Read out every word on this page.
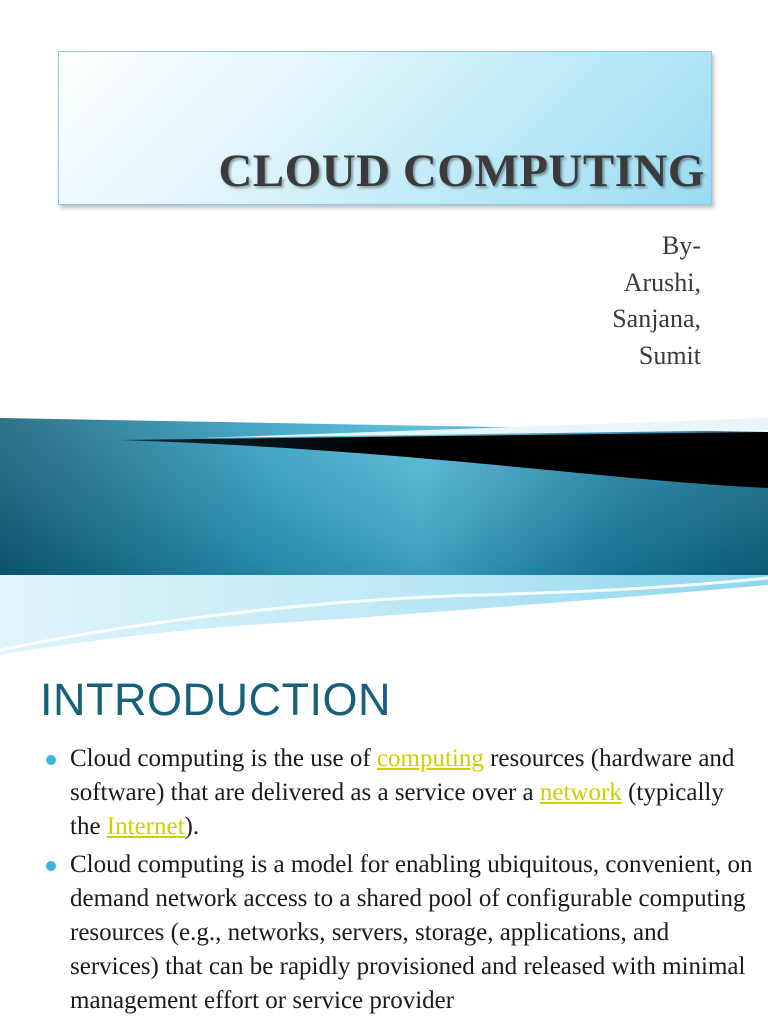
CLOUD COMPUTING
By-
Arushi,
Sanjana,
Sumit
INTRODUCTION
Cloud computing is the use of computing resources (hardware and software) that are delivered as a service over a network (typically the Internet).
Cloud computing is a model for enabling ubiquitous, convenient, on demand network access to a shared pool of configurable computing resources (e.g., networks, servers, storage, applications, and services) that can be rapidly provisioned and released with minimal management effort or service provider
